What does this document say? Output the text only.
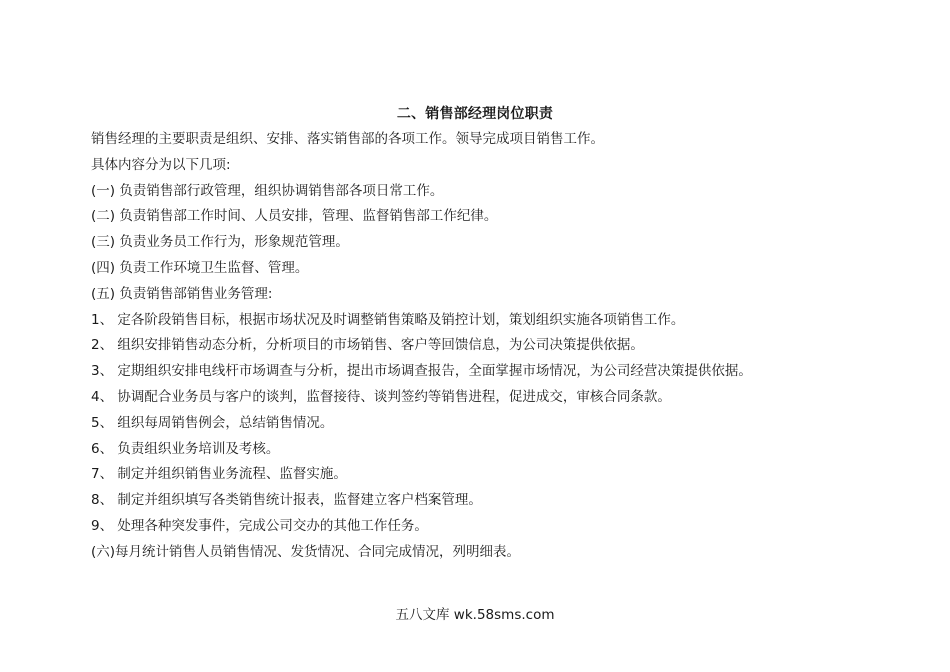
二、销售部经理岗位职责
销售经理的主要职责是组织、安排、落实销售部的各项工作。领导完成项目销售工作。
具体内容分为以下几项:
(一) 负责销售部行政管理，组织协调销售部各项日常工作。
(二) 负责销售部工作时间、人员安排，管理、监督销售部工作纪律。
(三) 负责业务员工作行为，形象规范管理。
(四) 负责工作环境卫生监督、管理。
(五) 负责销售部销售业务管理:
1、 定各阶段销售目标，根据市场状况及时调整销售策略及销控计划，策划组织实施各项销售工作。
2、 组织安排销售动态分析，分析项目的市场销售、客户等回馈信息，为公司决策提供依据。
3、 定期组织安排电线杆市场调查与分析，提出市场调查报告，全面掌握市场情况，为公司经营决策提供依据。
4、 协调配合业务员与客户的谈判，监督接待、谈判签约等销售进程，促进成交，审核合同条款。
5、 组织每周销售例会，总结销售情况。
6、 负责组织业务培训及考核。
7、 制定并组织销售业务流程、监督实施。
8、 制定并组织填写各类销售统计报表，监督建立客户档案管理。
9、 处理各种突发事件，完成公司交办的其他工作任务。
(六)每月统计销售人员销售情况、发货情况、合同完成情况，列明细表。
五八文库 wk.58sms.com
